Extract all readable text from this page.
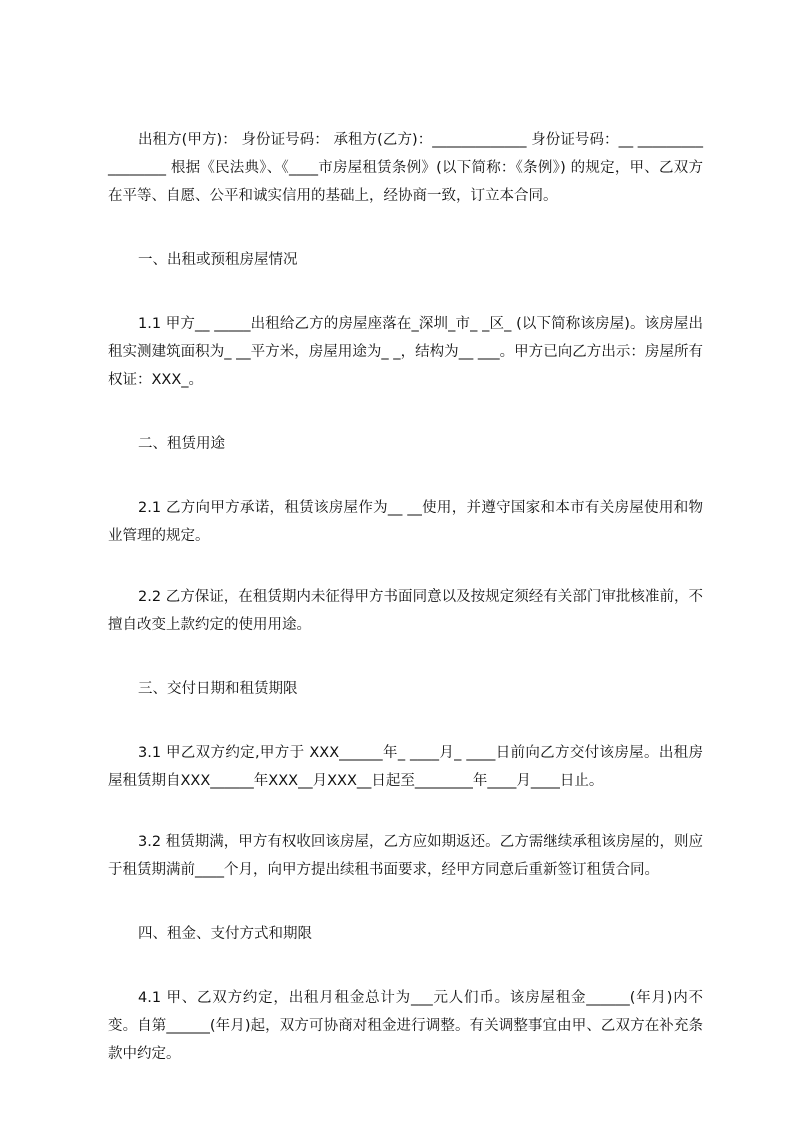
出租方(甲方)： 身份证号码： 承租方(乙方)：_____________ 身份证号码：__ _________________ 根据《民法典》、《____市房屋租赁条例》(以下简称：《条例》) 的规定，甲、乙双方在平等、自愿、公平和诚实信用的基础上，经协商一致，订立本合同。

一、出租或预租房屋情况

1.1 甲方__ _____出租给乙方的房屋座落在_深圳_市_ _区_ (以下简称该房屋)。该房屋出租实测建筑面积为_ __平方米，房屋用途为_ _，结构为__ ___。甲方已向乙方出示：房屋所有权证：XXX_。

二、租赁用途

2.1 乙方向甲方承诺，租赁该房屋作为__ __使用，并遵守国家和本市有关房屋使用和物业管理的规定。

2.2 乙方保证，在租赁期内未征得甲方书面同意以及按规定须经有关部门审批核准前，不擅自改变上款约定的使用用途。

三、交付日期和租赁期限

3.1 甲乙双方约定,甲方于 XXX______年_ ____月_ ____日前向乙方交付该房屋。出租房屋租赁期自XXX______年XXX__月XXX__日起至________年____月____日止。

3.2 租赁期满，甲方有权收回该房屋，乙方应如期返还。乙方需继续承租该房屋的，则应于租赁期满前____个月，向甲方提出续租书面要求，经甲方同意后重新签订租赁合同。

四、租金、支付方式和期限

4.1 甲、乙双方约定，出租月租金总计为___元人们币。该房屋租金______(年月)内不变。自第______(年月)起，双方可协商对租金进行调整。有关调整事宜由甲、乙双方在补充条款中约定。
